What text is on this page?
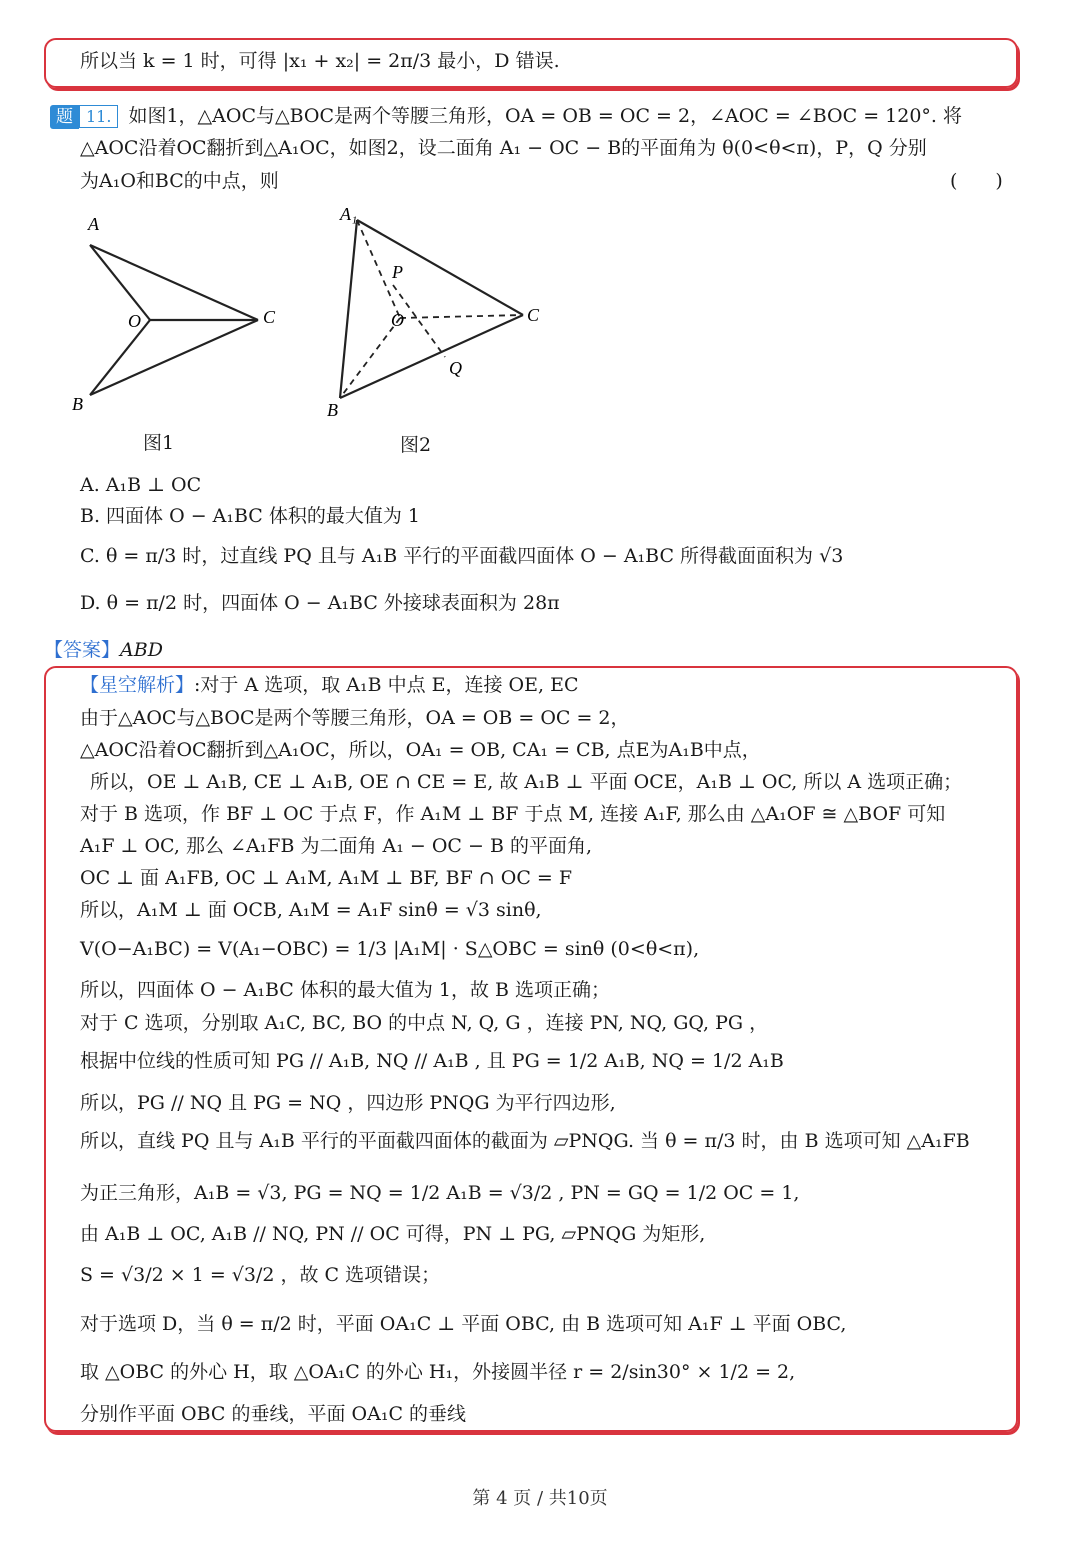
所以当 k = 1 时，可得 |x₁ + x₂| = 2π/3 最小，D 错误.
题 11. 如图1，△AOC与△BOC是两个等腰三角形，OA = OB = OC = 2，∠AOC = ∠BOC = 120°. 将
△AOC沿着OC翻折到△A₁OC，如图2，设二面角 A₁ − OC − B的平面角为 θ(0<θ<π)，P，Q 分别
为A₁O和BC的中点，则	(　　)
A
O	C
B
图1
A₁
P
O	C
Q
B
图2
A. A₁B ⊥ OC
B. 四面体 O − A₁BC 体积的最大值为 1
C. θ = π/3 时，过直线 PQ 且与 A₁B 平行的平面截四面体 O − A₁BC 所得截面面积为 √3
D. θ = π/2 时，四面体 O − A₁BC 外接球表面积为 28π
【答案】ABD
【星空解析】:对于 A 选项，取 A₁B 中点 E，连接 OE, EC
由于△AOC与△BOC是两个等腰三角形，OA = OB = OC = 2，
△AOC沿着OC翻折到△A₁OC，所以，OA₁ = OB, CA₁ = CB, 点E为A₁B中点，
所以，OE ⊥ A₁B, CE ⊥ A₁B, OE ∩ CE = E, 故 A₁B ⊥ 平面 OCE，A₁B ⊥ OC, 所以 A 选项正确；
对于 B 选项，作 BF ⊥ OC 于点 F，作 A₁M ⊥ BF 于点 M, 连接 A₁F, 那么由 △A₁OF ≅ △BOF 可知
A₁F ⊥ OC, 那么 ∠A₁FB 为二面角 A₁ − OC − B 的平面角,
OC ⊥ 面 A₁FB, OC ⊥ A₁M, A₁M ⊥ BF, BF ∩ OC = F
所以，A₁M ⊥ 面 OCB, A₁M = A₁F sinθ = √3 sinθ,
V(O−A₁BC) = V(A₁−OBC) = 1/3 |A₁M| · S△OBC = sinθ (0<θ<π),
所以，四面体 O − A₁BC 体积的最大值为 1，故 B 选项正确；
对于 C 选项，分别取 A₁C, BC, BO 的中点 N, Q, G ，连接 PN, NQ, GQ, PG ，
根据中位线的性质可知 PG // A₁B, NQ // A₁B , 且 PG = 1/2 A₁B, NQ = 1/2 A₁B
所以，PG // NQ 且 PG = NQ ，四边形 PNQG 为平行四边形,
所以，直线 PQ 且与 A₁B 平行的平面截四面体的截面为 ▱PNQG. 当 θ = π/3 时，由 B 选项可知 △A₁FB
为正三角形，A₁B = √3, PG = NQ = 1/2 A₁B = √3/2 , PN = GQ = 1/2 OC = 1,
由 A₁B ⊥ OC, A₁B // NQ, PN // OC 可得，PN ⊥ PG, ▱PNQG 为矩形,
S = √3/2 × 1 = √3/2 ，故 C 选项错误；
对于选项 D，当 θ = π/2 时，平面 OA₁C ⊥ 平面 OBC, 由 B 选项可知 A₁F ⊥ 平面 OBC,
取 △OBC 的外心 H，取 △OA₁C 的外心 H₁，外接圆半径 r = 2/sin30° × 1/2 = 2,
分别作平面 OBC 的垂线，平面 OA₁C 的垂线
第 4 页 / 共10页
